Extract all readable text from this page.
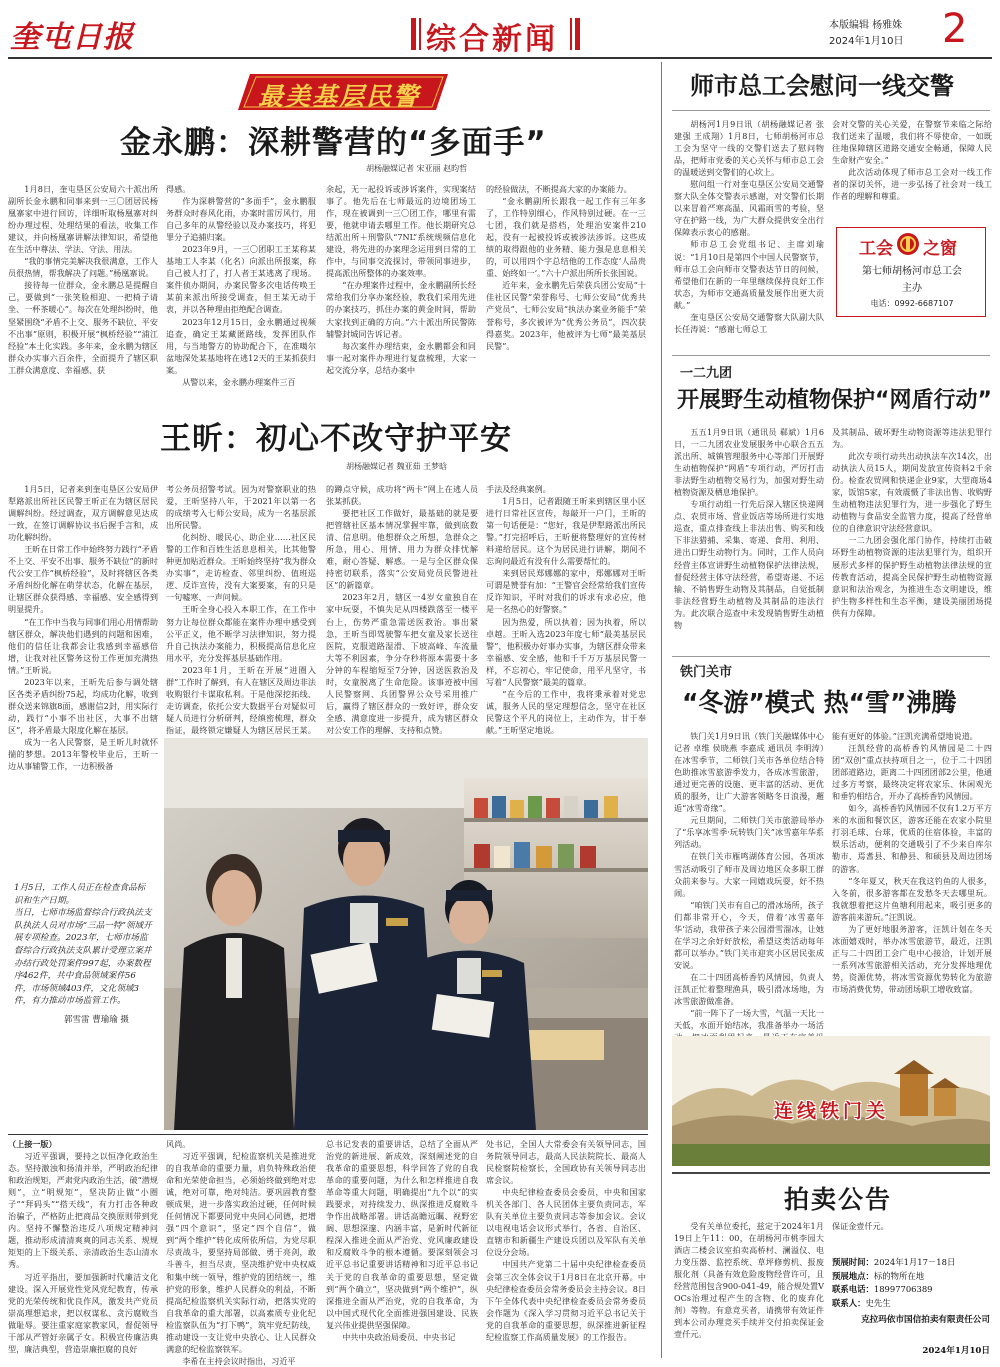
奎屯日报	综合新闻	本版编辑 杨雅姝
2024年1月10日 2
最美基层民警
金永鹏：深耕警营的“多面手”
胡杨融媒记者 宋亚丽 赵昀哲

1月8日，奎屯垦区公安局六十派出所副所长金永鹏和同事来到一三〇团居民杨凰寨家中进行回访，详细听取杨凰寨对纠纷办理过程、处理结果的看法，收集工作建议，并向杨凰寨讲解法律知识，希望他在生活中尊法、学法、守法、用法。

“我的事情完美解决我很满意，工作人员很热情，帮我解决了问题。”杨凰寨说。

接待每一位群众，金永鹏总是提醒自己，要做到“一张笑脸相迎、一把椅子请坐、一杯茶暖心”。每次在处理纠纷时，他坚紧围绕“矛盾不上交、服务不缺位、平安不出事”原则，积极开展“枫桥经验”“浦江经验”本土化实践。多年来，金永鹏为辖区群众办实事六百余件，全面提升了辖区职工群众满意度、幸福感、获

得感。

作为深耕警营的“多面手”，金永鹏服务群众时春风化雨，办案时雷厉风行，用自己多年的从警经验以及办案技巧，将犯罪分子追捕归案。

2023年9月，一三〇团职工王某称某基地工人李某（化名）向派出所报案，称自己被人打了，打人者王某逃离了现场。案件侦办期间，办案民警多次电话传唤王某前来派出所接受调查，但王某无动于衷，并以各种理由拒绝配合调查。

2023年12月15日，金永鹏通过视频追查，确定王某藏匿路线，发挥团队作用，与当地警方的协助配合下，在准噶尔盆地深处某基地将在逃12天的王某抓获归案。

从警以来，金永鹏办理案件三百

余起，无一起投诉或涉诉案件，实现案结事了。他先后在七师最远的边境团场工作，现在被调到一三〇团工作，哪里有需要，他就申请去哪里工作。他长期研究总结派出所＋刑警队“7NL”系统规频信息化建设，将先进的办案理念运用到日常的工作中，与同事交流探讨，带领同事进步，提高派出所整体的办案效率。

“在办理案件过程中，金永鹏副所长经常给我们分享办案经验，教我们采用先进的办案技巧，抓住办案的黄金时间，帮助大家找到正确的方向。”六十派出所民警陈辅警封城同告诉记者。

每次案件办理结束，金永鹏都会和同事一起对案件办理进行复盘梳理，大家一起交流分享，总结办案中

的经验做法，不断提高大家的办案能力。

“金永鹏副所长跟我一起工作有三年多了，工作特别细心，作风特别过硬。在一三七团，我们就是搭档，处理治安案件210起，没有一起被投诉或被涉法涉诉。这些成绩的取得跟他的业务精、能力强是息息相关的，可以用四个字总结他的工作态度‘人品贵重、始终如一’。”六十户派出所所长张国说。

近年来，金永鹏先后荣获兵团公安局“十佳社区民警”荣誉称号、七师公安局“优秀共产党员”、七师公安局“执法办案业务能手”荣誉称号，多次被评为“优秀公务员”，四次获得嘉奖。2023年，他被评为七师“最美基层民警”。

王昕：初心不改守护平安
胡杨融媒记者 魏亚茹 王梦晗

1月5日，记者来到奎屯垦区公安局伊犁路派出所社区民警王昕正在为辖区居民调解纠纷。经过调查，双方调解意见达成一致，在签订调解协议书后握手言和，成功化解纠纷。

王昕在日常工作中始终努力践行“矛盾不上交、平安不出事、服务不缺位”的新时代公安工作“枫桥经验”，及时将辖区各类矛盾纠纷化解在萌芽状态，化解在基层，让辖区群众获得感、幸福感、安全感得到明显提升。

“在工作中当我与同事们用心用情帮助辖区群众，解决他们遇到的问题和困难，他们的信任让我都会让我感到幸福感倍增，让我对社区警务这份工作更加充满热情。”王昕说。

2023年以来，王昕先后参与调处辖区各类矛盾纠纷75起，均成功化解，收到群众送来锦旗8面，感谢信2封，用实际行动，践行“小事不出社区，大事不出辖区”，将矛盾最大限度化解在基层。

成为一名人民警察，是王昕儿时就怀揣的梦想。2013年警校毕业后，王昕一边从事辅警工作，一边积极备

考公务员招警考试。因为对警察职业的热爱，王昕坚持八年，于2021年以第一名的成绩考入七师公安局，成为一名基层派出所民警。

化纠纷、暖民心、助企业……社区民警的工作和百姓生活息息相关，比其他警种更加贴近群众。王昕始终坚持“我为群众办实事”，走访检查、邻里纠纷、值班巡逻、反诈宣传，没有大案要案，有的只是一句嘘寒、一声问候。

王昕全身心投入本职工作，在工作中努力让每位群众都能在案件办理中感受到公平正义，他不断学习法律知识，努力提升自己执法办案能力，积极提高信息化应用水平，充分发挥基层基础作用。

2023年1月，王昕在开展“进圈入群”工作时了解到，有人在辖区及周边非法收购银行卡谋取私利。于是他深挖拓线、走访调查，依托公安大数据平台对疑似可疑人员进行分析研判，经缜密梳理，群众指证，最终锁定嫌疑人为辖区居民王某。

的蹲点守候，成功将“两卡”网上在逃人员张某抓获。

要把社区工作做好，最基础的就是要把管辖社区基本情况掌握牢靠，做到底数清、信息明。他想群众之所想，急群众之所急，用心、用情、用力为群众排忧解难，耐心答疑、解惑。一是与全区群众保持密切联系，落实“公安局党员民警进社区”的新篇章。

2023年2月，辖区一4岁女童独自在家中玩耍，不慎失足从四楼跌落至一楼平台上，伤势严重急需送医救治。事出紧急，王昕当即驾驶警车把女童及家长送往医院，克服道路湿滑、下坡高峰、车流量大等不利因素，争分夺秒将原本需要十多分钟的车程缩短至7分钟，因送医救治及时，女童脱离了生命危险。该事迹被中国人民警察网、兵团警界公众号采用推广后，赢得了辖区群众的一致好评，群众安全感、满意度进一步提升，成为辖区群众对公安工作的理解、支持和点赞。

手法及经典案例。

1月5日，记者跟随王昕来到辖区里小区进行日常社区宣传，每敲开一户门，王昕的第一句话便是：“您好，我是伊犁路派出所民警。”打完招呼后，王昕便将整理好的宣传材料递给居民。这个为居民进行讲解，期间不忘询问最近有没有什么需要帮忙的。

来到居民郑娜娜的家中，郑娜娜对王昕可谓是赞誉有加：“王警官会经常给我们宣传反诈知识，平时对我们的诉求有求必应，他是一名热心的好警察。”

因为热爱，所以执着；因为执着，所以卓越。王昕入选2023年度七师“最美基层民警”，他积极办好事办实事，为辖区群众带来幸福感、安全感，他和千千万万基层民警一样，不忘初心，牢记使命，用平凡坚守，书写着“人民警察”最美的篇章。

“在今后的工作中，我将秉承着对党忠诚，服务人民的坚定理想信念，坚守在社区民警这个平凡的岗位上，主动作为，甘于奉献。”王昕坚定地说。

1月5日，工作人员正在检查食品标识和生产日期。

当日，七师市场监督综合行政执法支队执法人员对市场“三品一特”领域开展专项检查。2023年，七师市场监督综合行政执法支队累计受理立案并办结行政处罚案件997起，办案数程序462件，共中食品领域案件56件，市场领域403件，文化领域3件，有力推动市场监管工作。

郭雪雷 曹瑜瑜 摄

（上接一版）

习近平强调，要持之以恒净化政治生态。坚持激浊和扬清并举，严明政治纪律和政治规矩，严肃党内政治生活，破“潜规则”，立“明规矩”，坚决防止做“小圈子”“拜码头”“搭天线”，有力打击各种政治骗子，严格防止把商品交换原则带到党内。坚持不懈整治违反八项规定精神问题，推动形成清清爽爽的同志关系、规规矩矩的上下级关系、亲清政治生态山清水秀。

习近平指出，要加强新时代廉洁文化建设。深入开展党性党风党纪教育，传承党的光荣传统和优良作风，激发共产党员崇高理想追求，把以权谋私、贪污腐败当做耻辱。要注重家庭家教家风，督促领导干部从严管好亲属子女。积极宣传廉洁典型，廉洁典型，营造崇廉拒腐的良好

风尚。

习近平强调，纪检监察机关是推进党的自我革命的重要力量，肩负特殊政治使命和光荣使命担当，必须始终做到绝对忠诚，绝对可靠，绝对纯洁。要巩固教育整顿成果，进一步落实政治过硬，任何时候任何情况下都要同党中央同心同德，把增强“四个意识”，坚定“四个自信”，做到“两个维护”转化成所依所信，为党尽职尽责战斗，要坚持局部做、勇于亮剑，敢斗善斗，担当尽责，坚决维护党中央权威和集中统一领导，维护党的团结统一，维护党的形象，维护人民群众的利益，不断提高纪检监察机关实际行动，把落实党的自我革命的重大部署，以高素质专业化纪检监察队伍为“打下鸭”，筑牢党纪防线，推动建设一支让党中央放心、让人民群众满意的纪检监察铁军。

李希在主持会议时指出，习近平

总书记发表的重要讲话，总结了全面从严治党的新进展、新成效，深刻阐述党的自我革命的重要思想，科学回答了党的自我革命的重要问题，为什么和怎样推进自我革命等重大问题，明确提出“九个以”的实践要求，对持续发力、纵深推进反腐败斗争作出战略部署。讲话高瞻远瞩、视野宏阔、思想深邃、内涵丰富，是新时代新征程深入推进全面从严治党、党风廉政建设和反腐败斗争的根本遵循。要深刻领会习近平总书记重要讲话精神和习近平总书记关于党的自我革命的重要思想，坚定做到“两个确立”，坚决做到“两个维护”，纵深推进全面从严治党，党的自我革命，为以中国式现代化全面推进强国建设、民族复兴伟业提供坚强保障。

中共中央政治局委员、中央书记

处书记，全国人大常委会有关领导同志，国务院领导同志，最高人民法院院长、最高人民检察院检察长，全国政协有关领导同志出席会议。

中央纪律检查委员会委员，中央和国家机关各部门、各人民团体主要负责同志，军队有关单位主要负责同志等参加会议。会议以电视电话会议形式举行，各省、自治区、直辖市和新疆生产建设兵团以及军队有关单位设分会场。

中国共产党第二十届中央纪律检查委员会第三次全体会议于1月8日在北京开幕。中央纪律检查委员会常务委员会主持会议。8日下午全体代表中央纪律检查委员会常务委员会作题为《深入学习贯彻习近平总书记关于党的自我革命的重要思想，纵深推进新征程纪检监察工作高质量发展》的工作报告。

师市总工会慰问一线交警

胡杨河1月9日讯（胡杨融媒记者 张建强 王成翔）1月8日，七师胡杨河市总工会为坚守一线的交警们送去了慰问物品，把师市党委的关心关怀与师市总工会的温暖送到交警们的心坎上。

慰问组一行对奎屯垦区公安局交通警察大队全体交警表示感谢，对交警们长期以来冒着严寒高温、风霜雨雪的考验，坚守在护路一线，为广大群众提供安全出行保障表示衷心的感谢。

师市总工会党组书记、主席刘瑜说：“1月10日是第四个中国人民警察节，师市总工会向师市交警表达节日的问候，希望他们在新的一年里继续保持良好工作状态，为师市交通高质量发展作出更大贡献。”

奎屯垦区公安局交通警察大队副大队长任涛说：“感谢七师总工

会对交警的关心关爱，在警察节来临之际给我们送来了温暖，我们将不辱使命，一如既往地保障辖区道路交通安全畅通，保障人民生命财产安全。”

此次活动体现了师市总工会对一线工作者的深切关怀，进一步弘扬了社会对一线工作者的理解和尊重。

工会 之窗
第七师胡杨河市总工会
主办
电话：0992-6687107
一二九团
开展野生动植物保护“网盾行动”

五五1月9日讯（通讯员 郗斌）1月6日，一二九团农业发展服务中心联合五五派出所、城镇管理服务中心等部门开展野生动植物保护“网盾”专项行动，严厉打击非法野生动植物交易行为，加强对野生动植物资源及栖息地保护。

专项行动组一行先后深入辖区快递网点、农贸市场、营业饭店等场所进行实地巡查，重点排查线上非法出售、购买和线下非法猎捕、采集、寄递、食用、利用、进出口野生动物行为。同时，工作人员向经营主体宣讲野生动植物保护法律法规，督促经营主体守法经营，希望寄递、不运输、不销售野生动物及其制品，自觉抵制非法经营野生动植物及其制品的违法行为。此次联合巡查中未发现销售野生动植物

及其制品、破坏野生动物资源等违法犯罪行为。

此次专项行动共出动执法车次14次，出动执法人员15人，期间发放宣传资料2千余份。检查农贸网和快递企业9家，大型商场4家，饭馆5家，有效震慑了非法出售、收购野生动植物违法犯罪行为，进一步强化了野生动植物与食品安全监管力度，提高了经营单位的自律意识守法经营意识。

一二九团会强化部门协作，持续打击破坏野生动植物资源的违法犯罪行为，组织开展形式多样的保护野生动植物法律法规的宣传教育活动，提高全民保护野生动植物资源意识和法治观念，为推进生态文明建设，维护生物多样性和生态平衡，建设美丽团场提供有力保障。

铁门关市
“冬游”模式 热“雪”沸腾

铁门关1月9日讯（铁门关融媒体中心记者 卓维 侯晓燕 李嘉成 通讯员 李明涛）在冰雪季节，二师铁门关市各单位结合特色助推冰雪旅游季发力，各成冰雪旅游，通过更完善的设施、更丰富的活动、更优质的服务，让广大游客领略冬日浪漫，邂逅“冰雪奇缘”。

元旦期间，二师铁门关市旅游局举办了“乐享冰雪季·玩转铁门关”冰雪嘉年华系列活动。

在铁门关市雁鸣湖体育公园，各项冰雪活动吸引了师市及周边地区众多职工群众前来参与。大家一同嬉戏玩耍，好不热闹。

“咱铁门关市有自己的滑冰场所，孩子们都非常开心，今天，借着‘冰雪嘉年华’活动，我带孩子来公园滑雪溜冰，让她在学习之余好好放松，希望这类活动每年都可以举办。”铁门关市迎宾小区居民张成安说。

在二十四团高桥香钓风情园，负责人汪凯正忙着整理渔具，吸引滑冰场地，为冰雪旅游做准备。

“前一阵下了一场大雪，气温一天比一天低，水面开始结冰，我准备举办一场活

能有更好的体验。”汪凯充满希望地说道。

汪凯经营的高桥香钓风情园是二十四团“双创”重点扶持项目之一，位于二十四团团部道路边，距离二十四团团部2公里，他通过多方考察，最终决定将农家乐、休闲观光和垂钓相结合，开办了高桥香钓风情园。

如今，高桥香钓风情园不仅有1.2万平方米的水面和餐饮区，游客还能在农家小院里打羽毛球、台球，优质的住宿体验，丰富的娱乐活动，便利的交通吸引了不少来自库尔勒市、焉耆县、和静县、和硕县及周边团场的游客。

“冬年夏又，秋天在我这钓鱼的人很多，入冬前，很多游客都在发愁冬天去哪里玩。我就想着把这片鱼塘利用起来，吸引更多的游客前来游玩。”汪凯说。

为了更好地服务游客，汪凯计划在冬天冰面嬉戏时，举办冰雪旅游节，最近，汪凯正与二十四团工会广电中心接洽，计划开展一系列冰雪旅游相关活动，充分发挥地理优势，资源优势，将冰雪资源优势转化为旅游市场消费优势，带动团场职工增收致富。

连线铁门关
拍卖公告

受有关单位委托，兹定于2024年1月19日上午11：00，在胡杨河市桃李园大酒店二楼会议室拍卖高桥村、澜溢仪、电力变压器、监控系统、草坪修剪机、报废服化剂（具备有效危险废物经营许可，且经营范围包含900-041-49，能合规处置VOCs治理过程产生的含物、化的废弃化剂）等物。有意竞买者，请携带有效证件到本公司办理竞买手续并交付拍卖保证金壹仟元。

保证金壹仟元。

预展时间：2024年1月17－18日
预展地点：标的物所在地
联系电话：18997706389
联系人：史先生
克拉玛依市国信拍卖有限责任公司
2024年1月10日
